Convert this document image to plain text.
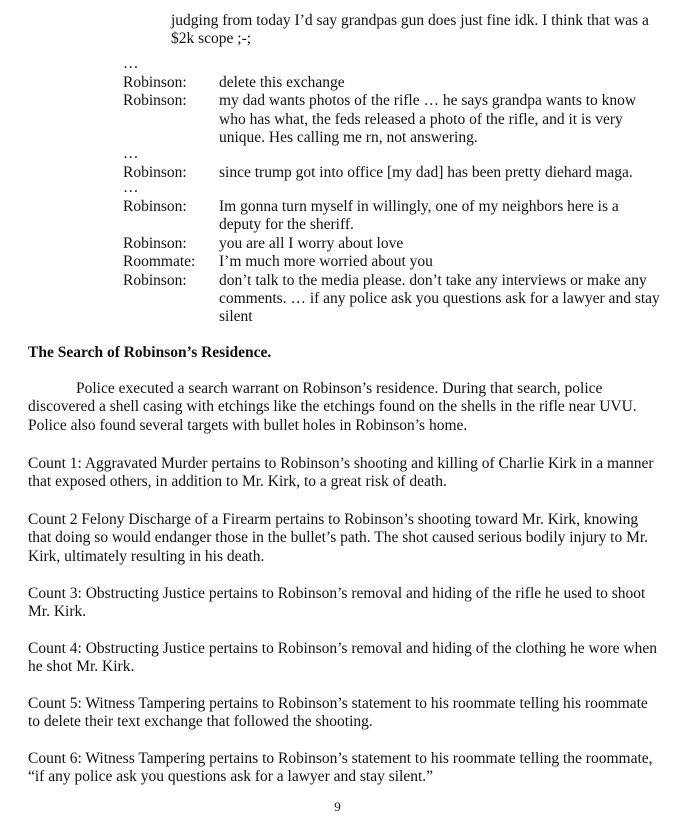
judging from today I’d say grandpas gun does just fine idk. I think that was a $2k scope ;-;
…
Robinson:	delete this exchange
Robinson:	my dad wants photos of the rifle … he says grandpa wants to know who has what, the feds released a photo of the rifle, and it is very unique. Hes calling me rn, not answering.
…
Robinson:	since trump got into office [my dad] has been pretty diehard maga.
…
Robinson:	Im gonna turn myself in willingly, one of my neighbors here is a deputy for the sheriff.
Robinson:	you are all I worry about love
Roommate:	I’m much more worried about you
Robinson:	don’t talk to the media please. don’t take any interviews or make any comments. … if any police ask you questions ask for a lawyer and stay silent
The Search of Robinson’s Residence.
Police executed a search warrant on Robinson’s residence. During that search, police discovered a shell casing with etchings like the etchings found on the shells in the rifle near UVU. Police also found several targets with bullet holes in Robinson’s home.
Count 1: Aggravated Murder pertains to Robinson’s shooting and killing of Charlie Kirk in a manner that exposed others, in addition to Mr. Kirk, to a great risk of death.
Count 2 Felony Discharge of a Firearm pertains to Robinson’s shooting toward Mr. Kirk, knowing that doing so would endanger those in the bullet’s path. The shot caused serious bodily injury to Mr. Kirk, ultimately resulting in his death.
Count 3: Obstructing Justice pertains to Robinson’s removal and hiding of the rifle he used to shoot Mr. Kirk.
Count 4: Obstructing Justice pertains to Robinson’s removal and hiding of the clothing he wore when he shot Mr. Kirk.
Count 5: Witness Tampering pertains to Robinson’s statement to his roommate telling his roommate to delete their text exchange that followed the shooting.
Count 6: Witness Tampering pertains to Robinson’s statement to his roommate telling the roommate, “if any police ask you questions ask for a lawyer and stay silent.”
9
